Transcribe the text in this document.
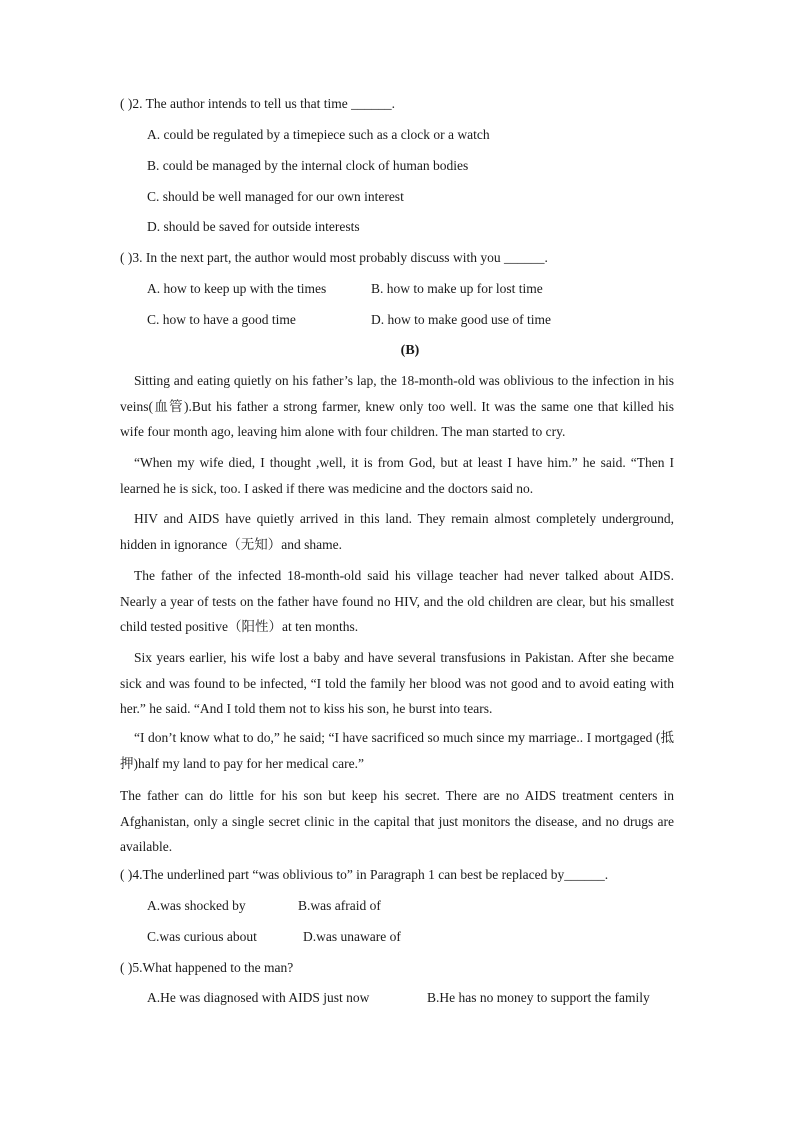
( )2. The author intends to tell us that time ______.
A. could be regulated by a timepiece such as a clock or a watch
B. could be managed by the internal clock of human bodies
C. should be well managed for our own interest
D. should be saved for outside interests
( )3. In the next part, the author would most probably discuss with you ______.
A. how to keep up with the times	B. how to make up for lost time
C. how to have a good time	D. how to make good use of time
(B)
Sitting and eating quietly on his father’s lap, the 18-month-old was oblivious to the infection in his veins(血管).But his father a strong farmer, knew only too well. It was the same one that killed his wife four month ago, leaving him alone with four children. The man started to cry.
“When my wife died, I thought ,well, it is from God, but at least I have him.” he said. “Then I learned he is sick, too. I asked if there was medicine and the doctors said no.
HIV and AIDS have quietly arrived in this land. They remain almost completely underground, hidden in ignorance（无知）and shame.
The father of the infected 18-month-old said his village teacher had never talked about AIDS. Nearly a year of tests on the father have found no HIV, and the old children are clear, but his smallest child tested positive（阳性）at ten months.
Six years earlier, his wife lost a baby and have several transfusions in Pakistan. After she became sick and was found to be infected, “I told the family her blood was not good and to avoid eating with her.” he said. “And I told them not to kiss his son, he burst into tears.
“I don’t know what to do,” he said; “I have sacrificed so much since my marriage.. I mortgaged (抵押)half my land to pay for her medical care.”
The father can do little for his son but keep his secret. There are no AIDS treatment centers in Afghanistan, only a single secret clinic in the capital that just monitors the disease, and no drugs are available.
( )4.The underlined part “was oblivious to” in Paragraph 1 can best be replaced by______.
A.was shocked by	B.was afraid of
C.was curious about	D.was unaware of
( )5.What happened to the man?
A.He was diagnosed with AIDS just now	B.He has no money to support the family
